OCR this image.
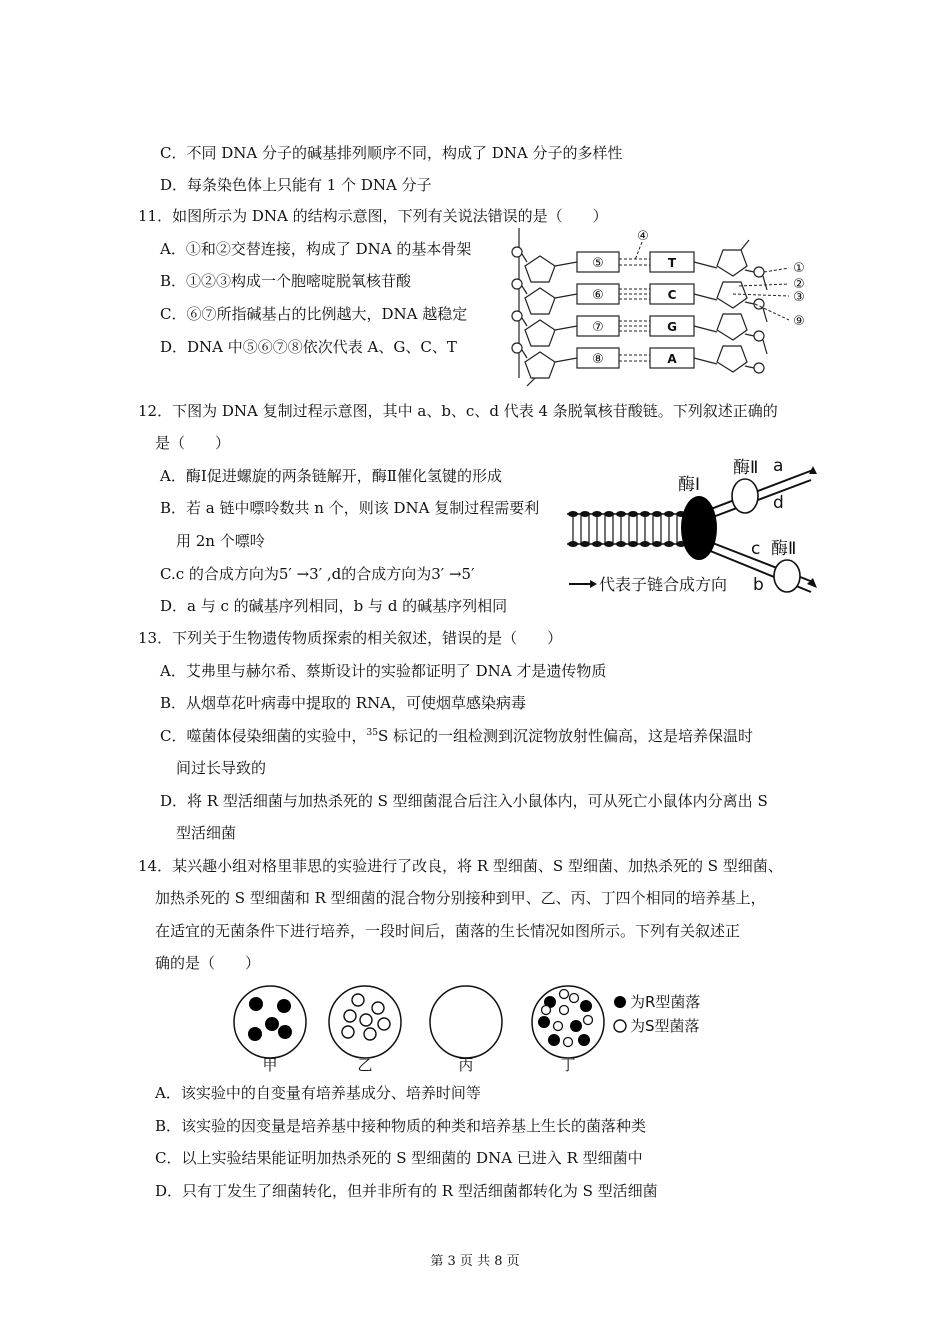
C．不同 DNA 分子的碱基排列顺序不同，构成了 DNA 分子的多样性
D．每条染色体上只能有 1 个 DNA 分子
11．如图所示为 DNA 的结构示意图，下列有关说法错误的是（　　）
A．①和②交替连接，构成了 DNA 的基本骨架
B．①②③构成一个胞嘧啶脱氧核苷酸
C．⑥⑦所指碱基占的比例越大，DNA 越稳定
D．DNA 中⑤⑥⑦⑧依次代表 A、G、C、T
⑤
⑥
⑦
⑧
T
C
G
A
④
①
②
③
⑨
12．下图为 DNA 复制过程示意图，其中 a、b、c、d 代表 4 条脱氧核苷酸链。下列叙述正确的
是（　　）
A．酶Ⅰ促进螺旋的两条链解开，酶Ⅱ催化氢键的形成
B．若 a 链中嘌呤数共 n 个，则该 DNA 复制过程需要利
用 2n 个嘌呤
C.c 的合成方向为5′ →3′ ,d的合成方向为3′ →5′
D．a 与 c 的碱基序列相同，b 与 d 的碱基序列相同
酶Ⅰ
酶Ⅱ a
d
c 酶Ⅱ
b
代表子链合成方向
13．下列关于生物遗传物质探索的相关叙述，错误的是（　　）
A．艾弗里与赫尔希、蔡斯设计的实验都证明了 DNA 才是遗传物质
B．从烟草花叶病毒中提取的 RNA，可使烟草感染病毒
C．噬菌体侵染细菌的实验中，$^{35}$S 标记的一组检测到沉淀物放射性偏高，这是培养保温时
间过长导致的
D．将 R 型活细菌与加热杀死的 S 型细菌混合后注入小鼠体内，可从死亡小鼠体内分离出 S
型活细菌
14．某兴趣小组对格里菲思的实验进行了改良，将 R 型细菌、S 型细菌、加热杀死的 S 型细菌、
加热杀死的 S 型细菌和 R 型细菌的混合物分别接种到甲、乙、丙、丁四个相同的培养基上，
在适宜的无菌条件下进行培养，一段时间后，菌落的生长情况如图所示。下列有关叙述正
确的是（　　）
为R型菌落
为S型菌落
甲	乙	丙	丁
A．该实验中的自变量有培养基成分、培养时间等
B．该实验的因变量是培养基中接种物质的种类和培养基上生长的菌落种类
C．以上实验结果能证明加热杀死的 S 型细菌的 DNA 已进入 R 型细菌中
D．只有丁发生了细菌转化，但并非所有的 R 型活细菌都转化为 S 型活细菌
第 3 页 共 8 页
